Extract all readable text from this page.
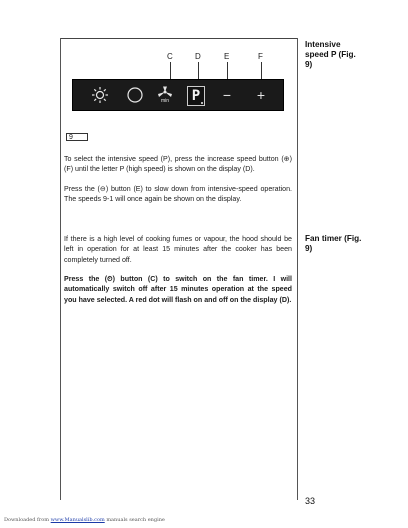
C	D	E	F
min P − +
9

To select the intensive speed (P), press the increase speed button (⊕) (F) until the letter P (high speed) is shown on the display (D).

Press the (⊖) button (E) to slow down from intensive-speed operation. The speeds 9-1 will once again be shown on the display.

If there is a high level of cooking fumes or vapour, the hood should be left in operation for at least 15 minutes after the cooker has been completely turned off.

Press the (⏲) button (C) to switch on the fan timer. I will automatically switch off after 15 minutes operation at the speed you have selected. A red dot will flash on and off on the display (D).

Intensive speed P (Fig. 9)

Fan timer (Fig. 9)

33
Downloaded from www.Manualslib.com manuals search engine
